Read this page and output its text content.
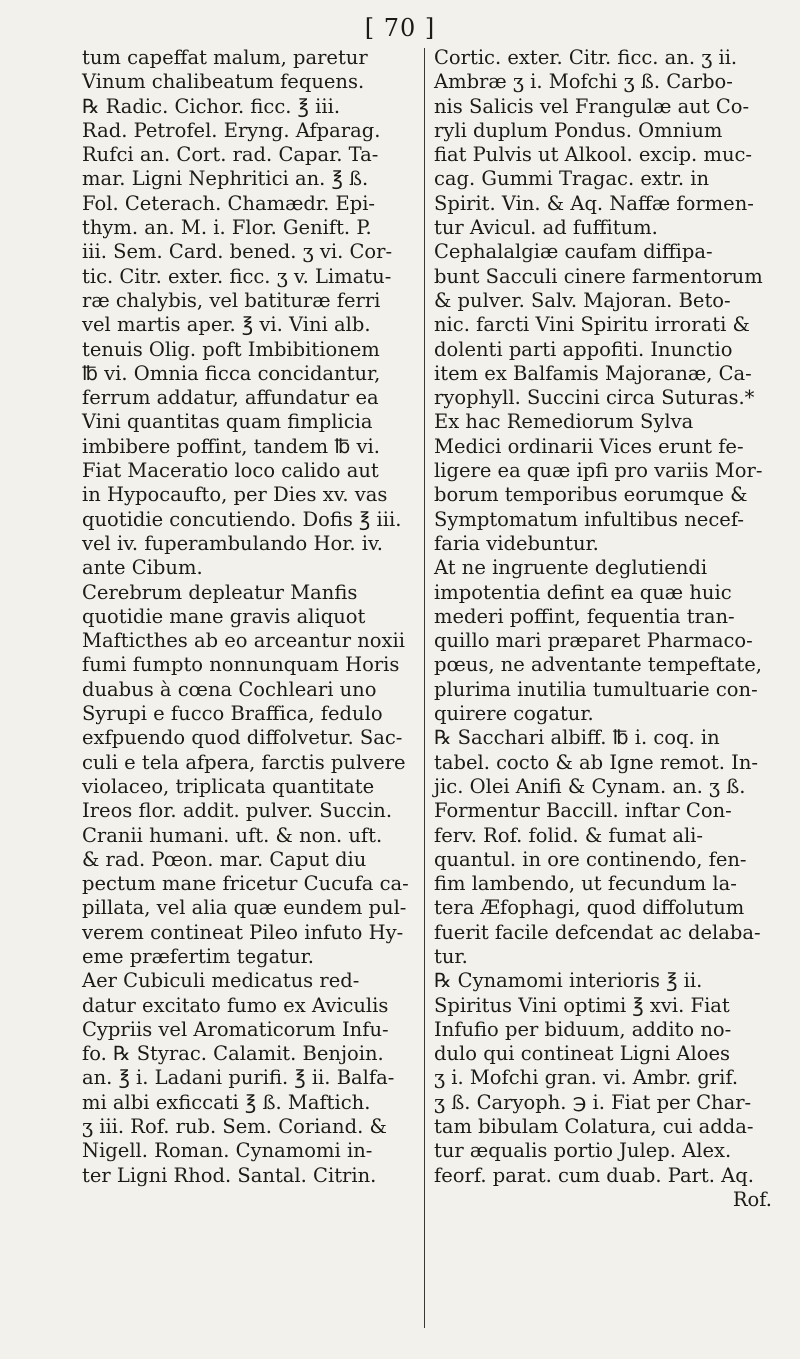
[ 70 ]
tum capeffat malum, paretur
Vinum chalibeatum fequens.
℞ Radic. Cichor. ficc. ℥ iii.
Rad. Petrofel. Eryng. Afparag.
Rufci an. Cort. rad. Capar. Ta-
mar. Ligni Nephritici an. ℥ ß.
Fol. Ceterach. Chamædr. Epi-
thym. an. M. i. Flor. Genift. P.
iii. Sem. Card. bened. ʒ vi. Cor-
tic. Citr. exter. ficc. ʒ v. Limatu-
ræ chalybis, vel batituræ ferri
vel martis aper. ℥ vi. Vini alb.
tenuis Olig. poft Imbibitionem
℔ vi. Omnia ficca concidantur,
ferrum addatur, affundatur ea
Vini quantitas quam fimplicia
imbibere poffint, tandem ℔ vi.
Fiat Maceratio loco calido aut
in Hypocaufto, per Dies xv. vas
quotidie concutiendo. Dofis ℥ iii.
vel iv. fuperambulando Hor. iv.
ante Cibum.
Cerebrum depleatur Manfis
quotidie mane gravis aliquot
Mafticthes ab eo arceantur noxii
fumi fumpto nonnunquam Horis
duabus à cœna Cochleari uno
Syrupi e fucco Braffica, fedulo
exfpuendo quod diffolvetur. Sac-
culi e tela afpera, farctis pulvere
violaceo, triplicata quantitate
Ireos flor. addit. pulver. Succin.
Cranii humani. uft. & non. uft.
& rad. Pœon. mar. Caput diu
pectum mane fricetur Cucufa ca-
pillata, vel alia quæ eundem pul-
verem contineat Pileo infuto Hy-
eme præfertim tegatur.
Aer Cubiculi medicatus red-
datur excitato fumo ex Aviculis
Cypriis vel Aromaticorum Infu-
fo. ℞ Styrac. Calamit. Benjoin.
an. ℥ i. Ladani purifi. ℥ ii. Balfa-
mi albi exficcati ℥ ß. Maftich.
ʒ iii. Rof. rub. Sem. Coriand. &
Nigell. Roman. Cynamomi in-
ter Ligni Rhod. Santal. Citrin.
Cortic. exter. Citr. ficc. an. ʒ ii.
Ambræ ʒ i. Mofchi ʒ ß. Carbo-
nis Salicis vel Frangulæ aut Co-
ryli duplum Pondus. Omnium
fiat Pulvis ut Alkool. excip. muc-
cag. Gummi Tragac. extr. in
Spirit. Vin. & Aq. Naffæ formen-
tur Avicul. ad fuffitum.
Cephalalgiæ caufam diffipa-
bunt Sacculi cinere farmentorum
& pulver. Salv. Majoran. Beto-
nic. farcti Vini Spiritu irrorati &
dolenti parti appofiti. Inunctio
item ex Balfamis Majoranæ, Ca-
ryophyll. Succini circa Suturas.*
Ex hac Remediorum Sylva
Medici ordinarii Vices erunt fe-
ligere ea quæ ipfi pro variis Mor-
borum temporibus eorumque &
Symptomatum infultibus necef-
faria videbuntur.
At ne ingruente deglutiendi
impotentia defint ea quæ huic
mederi poffint, fequentia tran-
quillo mari præparet Pharmaco-
pœus, ne adventante tempeftate,
plurima inutilia tumultuarie con-
quirere cogatur.
℞ Sacchari albiff. ℔ i. coq. in
tabel. cocto & ab Igne remot. In-
jic. Olei Anifi & Cynam. an. ʒ ß.
Formentur Baccill. inftar Con-
ferv. Rof. folid. & fumat ali-
quantul. in ore continendo, fen-
fim lambendo, ut fecundum la-
tera Æfophagi, quod diffolutum
fuerit facile defcendat ac delaba-
tur.
℞ Cynamomi interioris ℥ ii.
Spiritus Vini optimi ℥ xvi. Fiat
Infufio per biduum, addito no-
dulo qui contineat Ligni Aloes
ʒ i. Mofchi gran. vi. Ambr. grif.
ʒ ß. Caryoph. ℈ i. Fiat per Char-
tam bibulam Colatura, cui adda-
tur æqualis portio Julep. Alex.
feorf. parat. cum duab. Part. Aq.
Rof.
